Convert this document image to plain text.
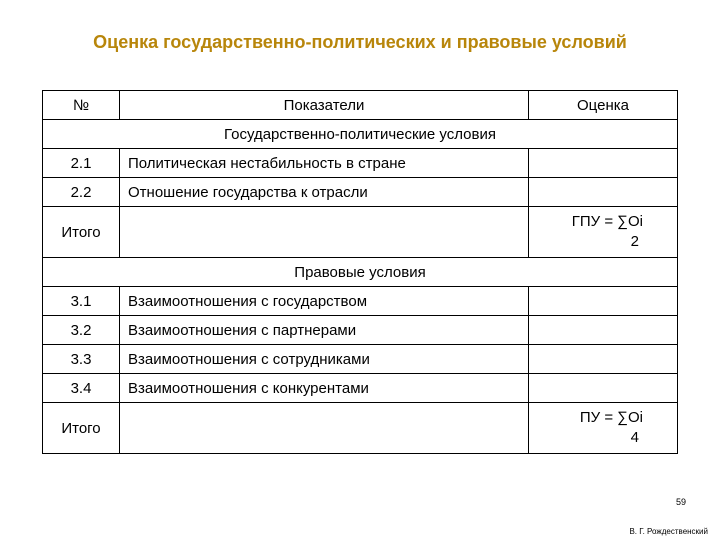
Оценка государственно-политических и правовые условий
№	Показатели	Оценка
Государственно-политические условия		
2.1	Политическая нестабильность в стране	
2.2	Отношение государства к отрасли	
Итого		ГПУ = ∑Оi
2

Правовые условия		
3.1	Взаимоотношения с государством	
3.2	Взаимоотношения с партнерами	
3.3	Взаимоотношения с сотрудниками	
3.4	Взаимоотношения с конкурентами	
Итого		ПУ = ∑Оi
4
59
В. Г. Рождественский
